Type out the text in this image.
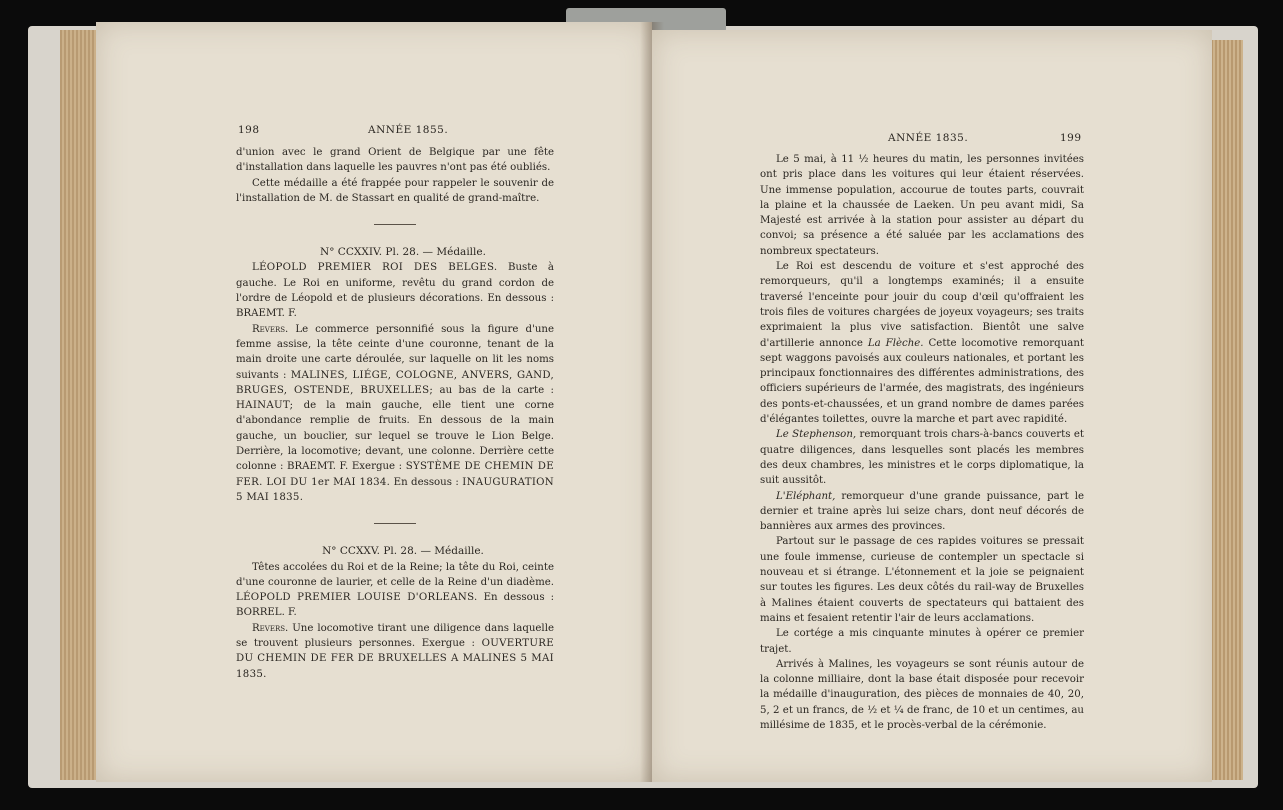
198	ANNÉE 1855.

d'union avec le grand Orient de Belgique par une fête d'installation dans laquelle les pauvres n'ont pas été oubliés.

Cette médaille a été frappée pour rappeler le souvenir de l'installation de M. de Stassart en qualité de grand-maître.

N° CCXXIV. Pl. 28. — Médaille.

LÉOPOLD PREMIER ROI DES BELGES. Buste à gauche. Le Roi en uniforme, revêtu du grand cordon de l'ordre de Léopold et de plusieurs décorations. En dessous : BRAEMT. F.

Revers. Le commerce personnifié sous la figure d'une femme assise, la tête ceinte d'une couronne, tenant de la main droite une carte déroulée, sur laquelle on lit les noms suivants : MALINES, LIÉGE, COLOGNE, ANVERS, GAND, BRUGES, OSTENDE, BRUXELLES; au bas de la carte : HAINAUT; de la main gauche, elle tient une corne d'abondance remplie de fruits. En dessous de la main gauche, un bouclier, sur lequel se trouve le Lion Belge. Derrière, la locomotive; devant, une colonne. Derrière cette colonne : BRAEMT. F. Exergue : SYSTÈME DE CHEMIN DE FER. LOI DU 1er MAI 1834. En dessous : INAUGURATION 5 MAI 1835.

N° CCXXV. Pl. 28. — Médaille.

Têtes accolées du Roi et de la Reine; la tête du Roi, ceinte d'une couronne de laurier, et celle de la Reine d'un diadème. LÉOPOLD PREMIER LOUISE D'ORLEANS. En dessous : BORREL. F.

Revers. Une locomotive tirant une diligence dans laquelle se trouvent plusieurs personnes. Exergue : OUVERTURE DU CHEMIN DE FER DE BRUXELLES A MALINES 5 MAI 1835.

ANNÉE 1835.	199

Le 5 mai, à 11 ½ heures du matin, les personnes invitées ont pris place dans les voitures qui leur étaient réservées. Une immense population, accourue de toutes parts, couvrait la plaine et la chaussée de Laeken. Un peu avant midi, Sa Majesté est arrivée à la station pour assister au départ du convoi; sa présence a été saluée par les acclamations des nombreux spectateurs.

Le Roi est descendu de voiture et s'est approché des remorqueurs, qu'il a longtemps examinés; il a ensuite traversé l'enceinte pour jouir du coup d'œil qu'offraient les trois files de voitures chargées de joyeux voyageurs; ses traits exprimaient la plus vive satisfaction. Bientôt une salve d'artillerie annonce La Flèche. Cette locomotive remorquant sept waggons pavoisés aux couleurs nationales, et portant les principaux fonctionnaires des différentes administrations, des officiers supérieurs de l'armée, des magistrats, des ingénieurs des ponts-et-chaussées, et un grand nombre de dames parées d'élégantes toilettes, ouvre la marche et part avec rapidité.

Le Stephenson, remorquant trois chars-à-bancs couverts et quatre diligences, dans lesquelles sont placés les membres des deux chambres, les ministres et le corps diplomatique, la suit aussitôt.

L'Eléphant, remorqueur d'une grande puissance, part le dernier et traine après lui seize chars, dont neuf décorés de bannières aux armes des provinces.

Partout sur le passage de ces rapides voitures se pressait une foule immense, curieuse de contempler un spectacle si nouveau et si étrange. L'étonnement et la joie se peignaient sur toutes les figures. Les deux côtés du rail-way de Bruxelles à Malines étaient couverts de spectateurs qui battaient des mains et fesaient retentir l'air de leurs acclamations.

Le cortége a mis cinquante minutes à opérer ce premier trajet.

Arrivés à Malines, les voyageurs se sont réunis autour de la colonne milliaire, dont la base était disposée pour recevoir la médaille d'inauguration, des pièces de monnaies de 40, 20, 5, 2 et un francs, de ½ et ¼ de franc, de 10 et un centimes, au millésime de 1835, et le procès-verbal de la cérémonie.
